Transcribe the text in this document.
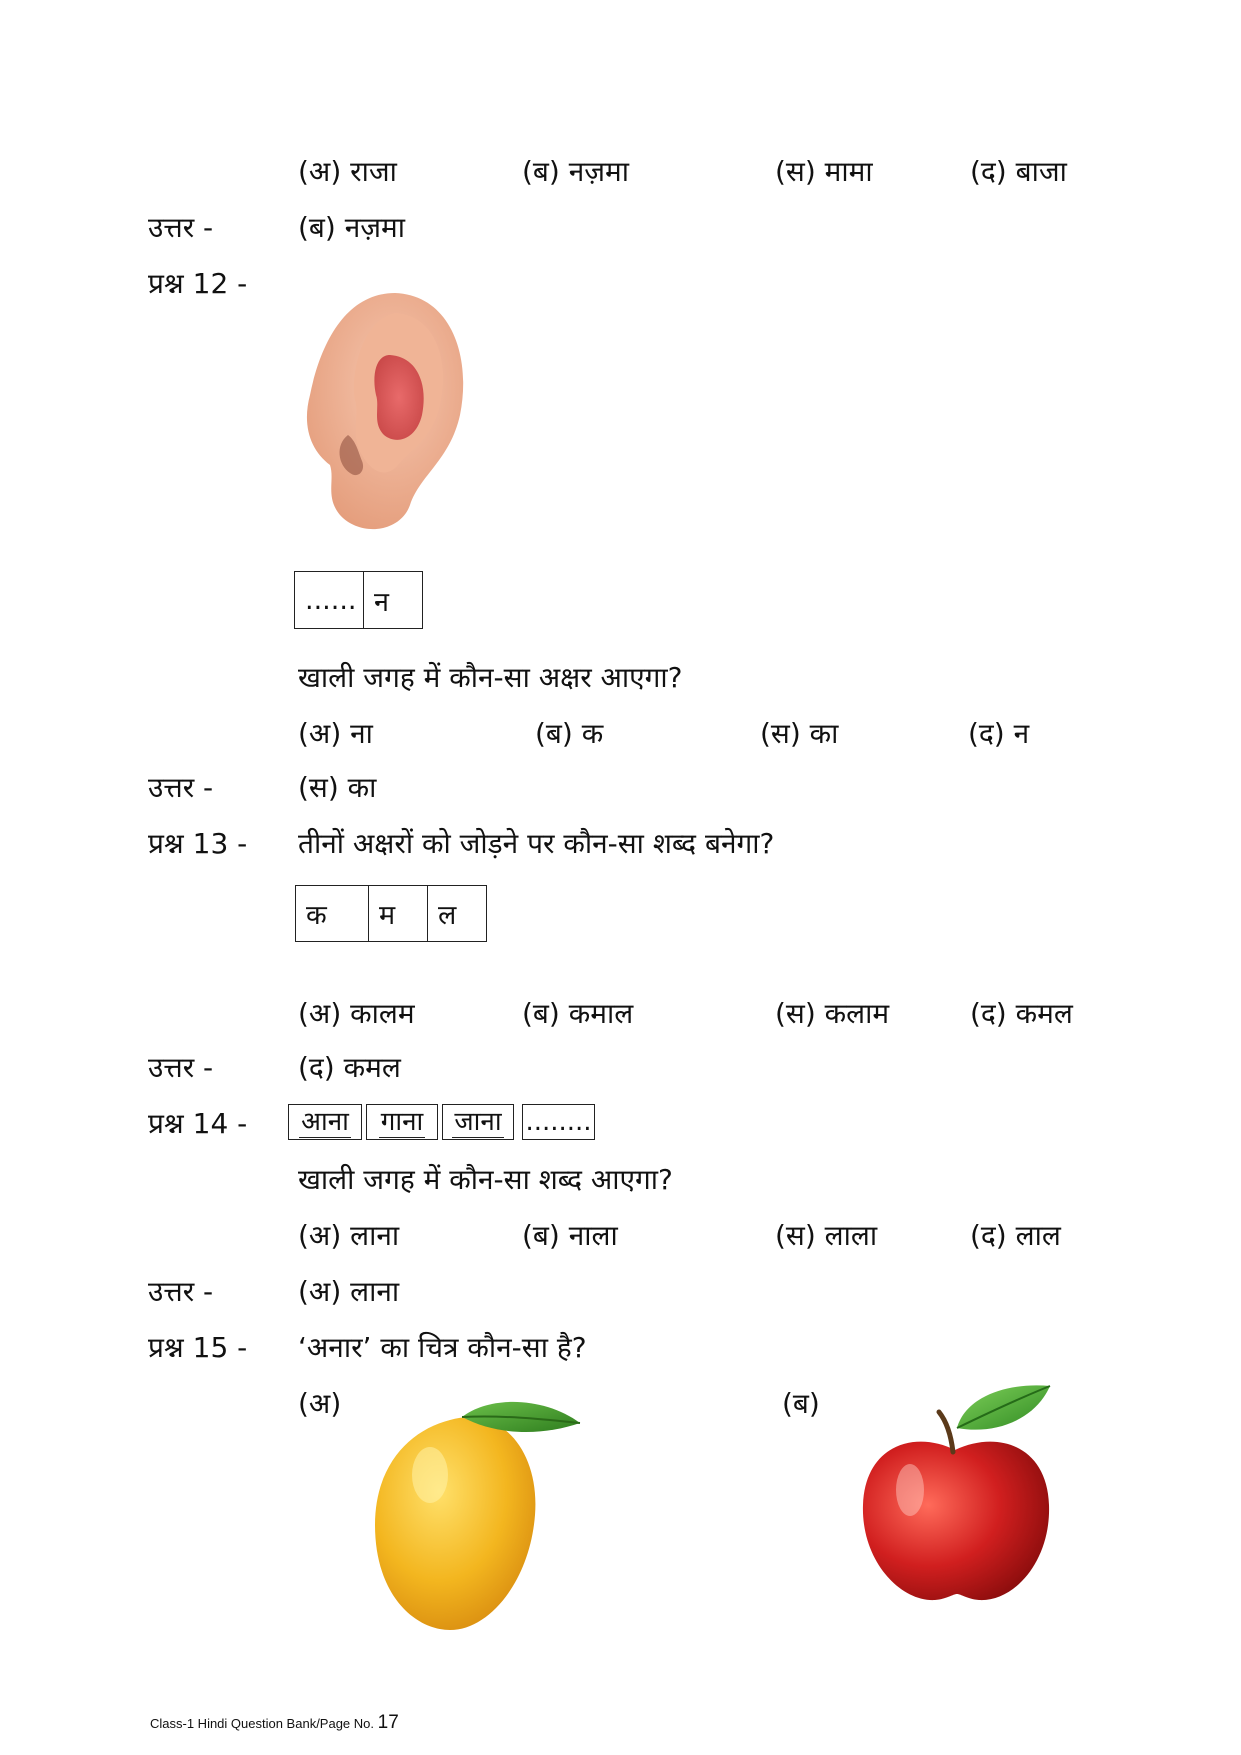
(अ) राजा	(ब) नज़मा	(स) मामा	(द) बाजा
उत्तर -	(ब) नज़मा
प्रश्न 12 -
...... न
खाली जगह में कौन-सा अक्षर आएगा?
(अ) ना	(ब) क	(स) का	(द) न
उत्तर -	(स) का
प्रश्न 13 - तीनों अक्षरों को जोड़ने पर कौन-सा शब्द बनेगा?
क	म	ल
(अ) कालम	(ब) कमाल	(स) कलाम	(द) कमल
उत्तर -	(द) कमल
प्रश्न 14 -	आना	गाना	जाना ........
खाली जगह में कौन-सा शब्द आएगा?
(अ) लाना	(ब) नाला	(स) लाला	(द) लाल
उत्तर -	(अ) लाना
प्रश्न 15 - ‘अनार’ का चित्र कौन-सा है?
(अ)	(ब)
Class-1 Hindi Question Bank/Page No. 17
